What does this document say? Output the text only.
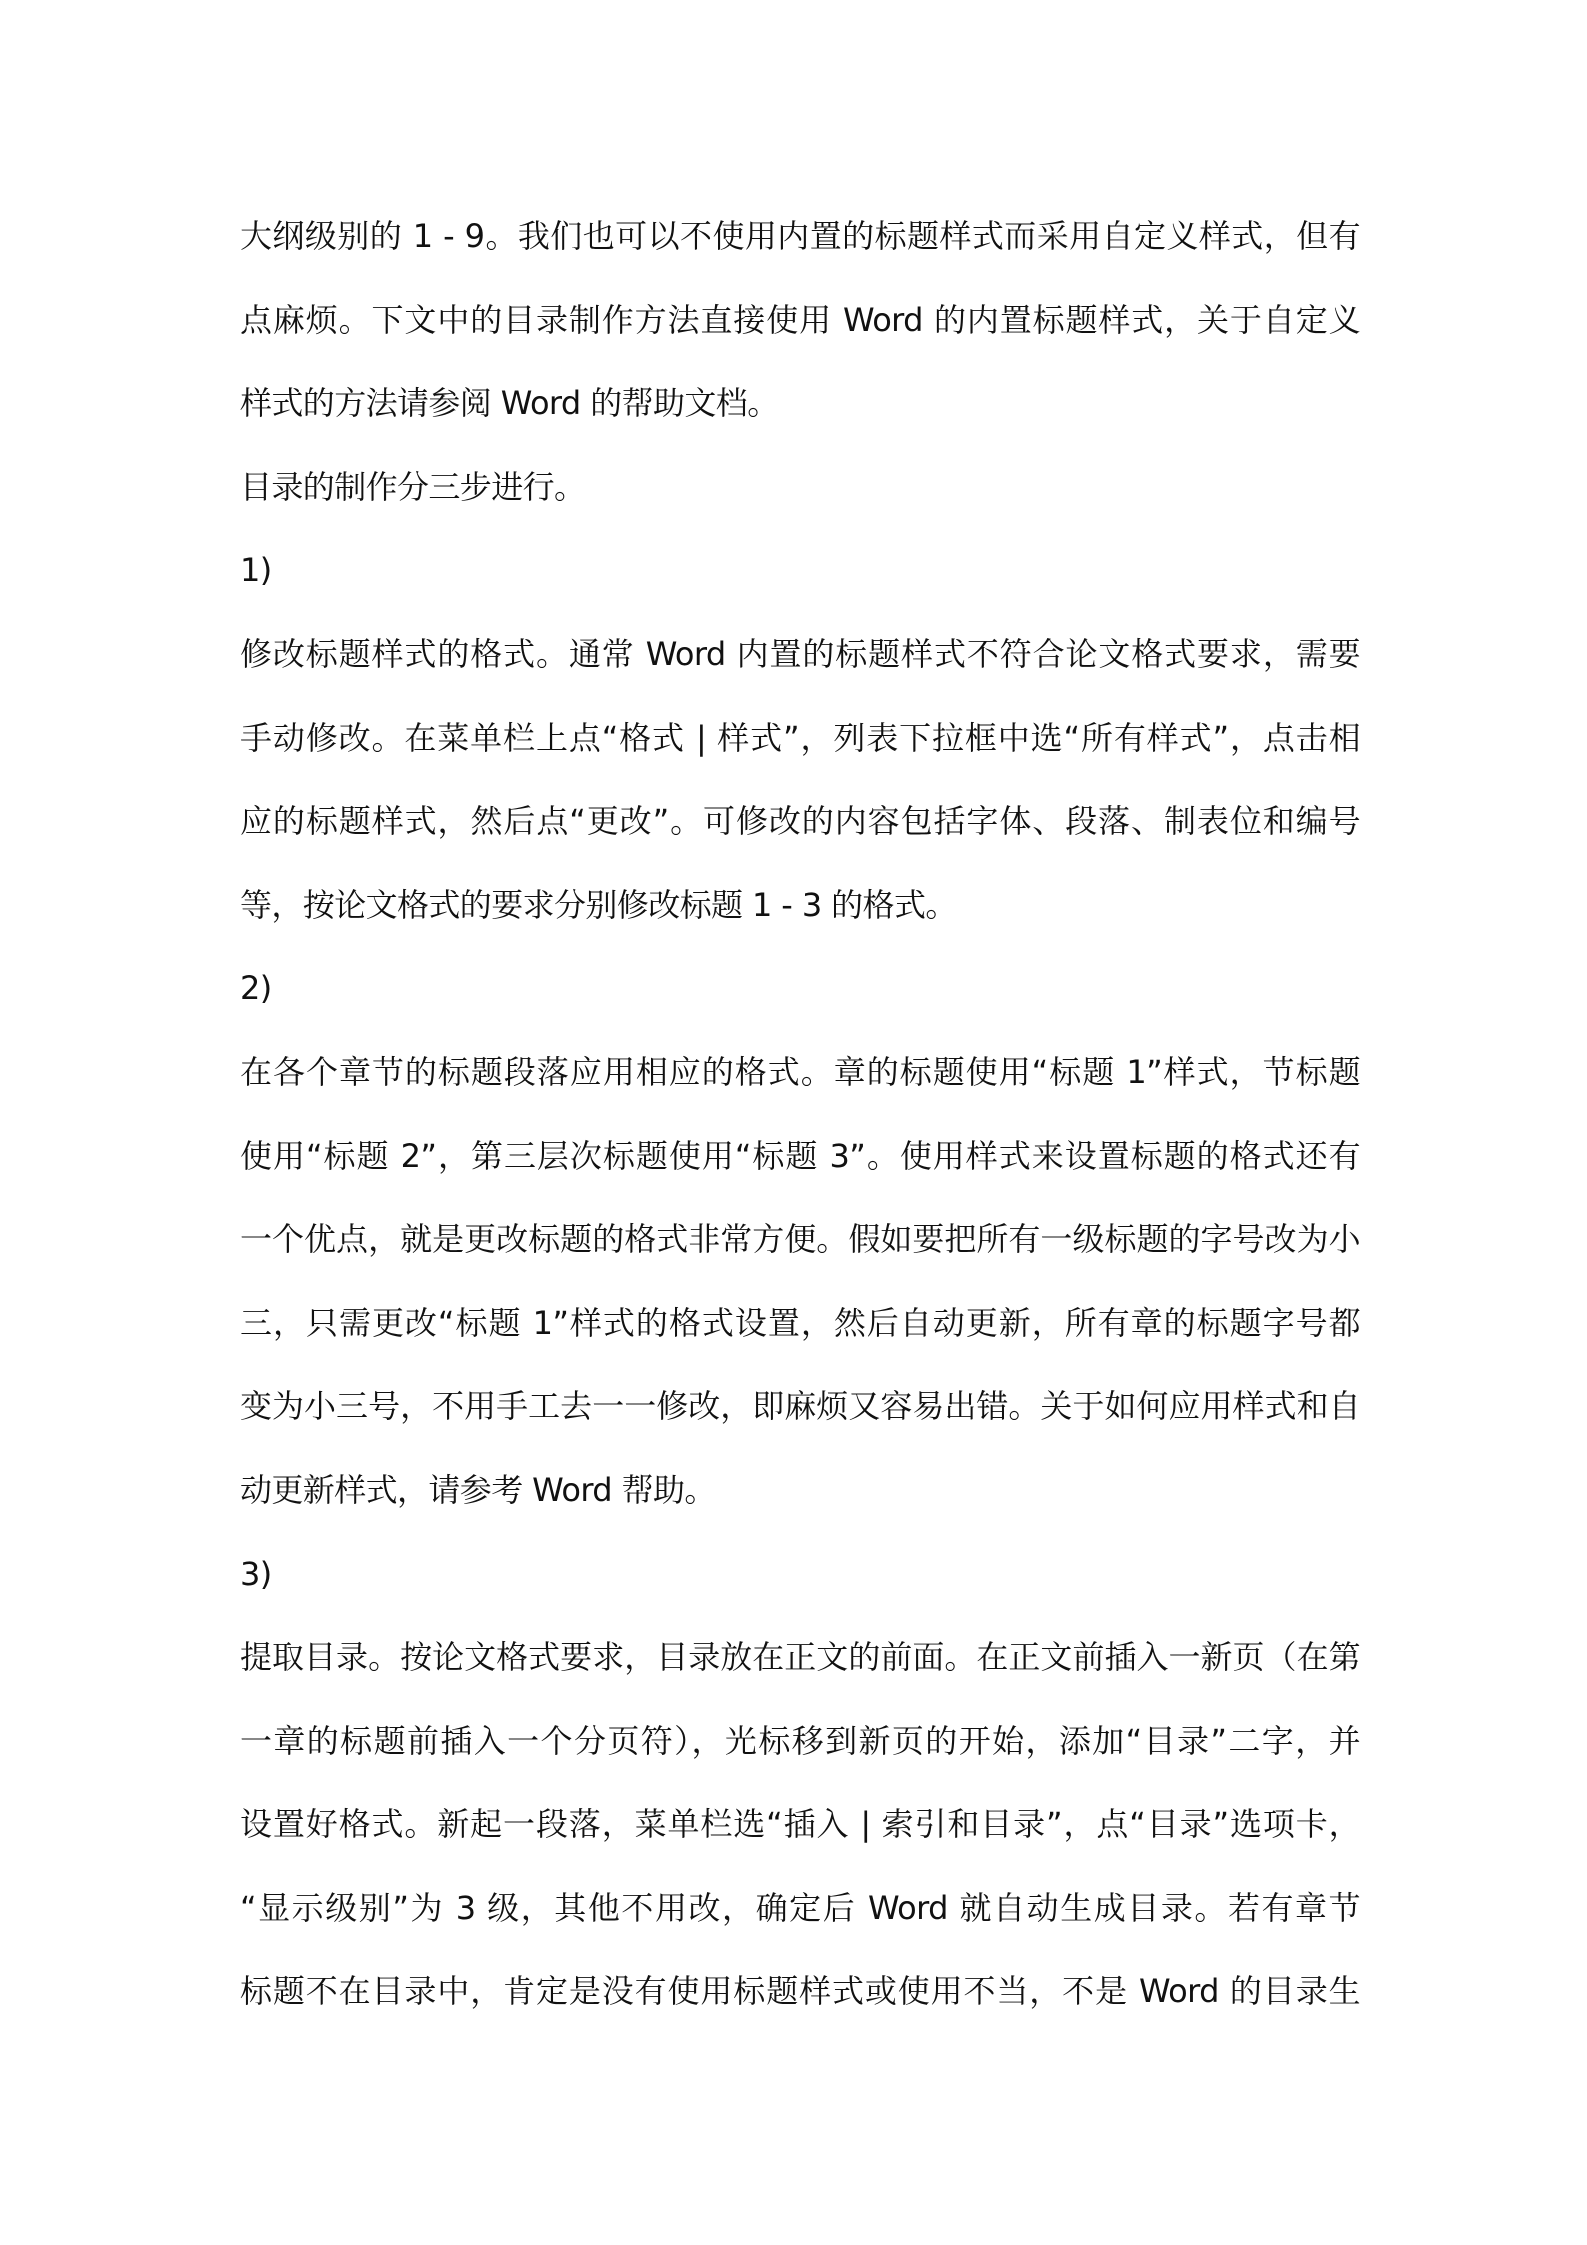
大纲级别的 1 - 9。我们也可以不使用内置的标题样式而采用自定义样式，但有
点麻烦。下文中的目录制作方法直接使用 Word 的内置标题样式，关于自定义
样式的方法请参阅 Word 的帮助文档。
目录的制作分三步进行。
1)
修改标题样式的格式。通常 Word 内置的标题样式不符合论文格式要求，需要
手动修改。在菜单栏上点“格式 | 样式”，列表下拉框中选“所有样式”，点击相
应的标题样式，然后点“更改”。可修改的内容包括字体、段落、制表位和编号
等，按论文格式的要求分别修改标题 1 - 3 的格式。
2)
在各个章节的标题段落应用相应的格式。章的标题使用“标题 1”样式，节标题
使用“标题 2”，第三层次标题使用“标题 3”。使用样式来设置标题的格式还有
一个优点，就是更改标题的格式非常方便。假如要把所有一级标题的字号改为小
三，只需更改“标题 1”样式的格式设置，然后自动更新，所有章的标题字号都
变为小三号，不用手工去一一修改，即麻烦又容易出错。关于如何应用样式和自
动更新样式，请参考 Word 帮助。
3)
提取目录。按论文格式要求，目录放在正文的前面。在正文前插入一新页（在第
一章的标题前插入一个分页符），光标移到新页的开始，添加“目录”二字，并
设置好格式。新起一段落，菜单栏选“插入 | 索引和目录”，点“目录”选项卡，
“显示级别”为 3 级，其他不用改，确定后 Word 就自动生成目录。若有章节
标题不在目录中，肯定是没有使用标题样式或使用不当，不是 Word 的目录生
